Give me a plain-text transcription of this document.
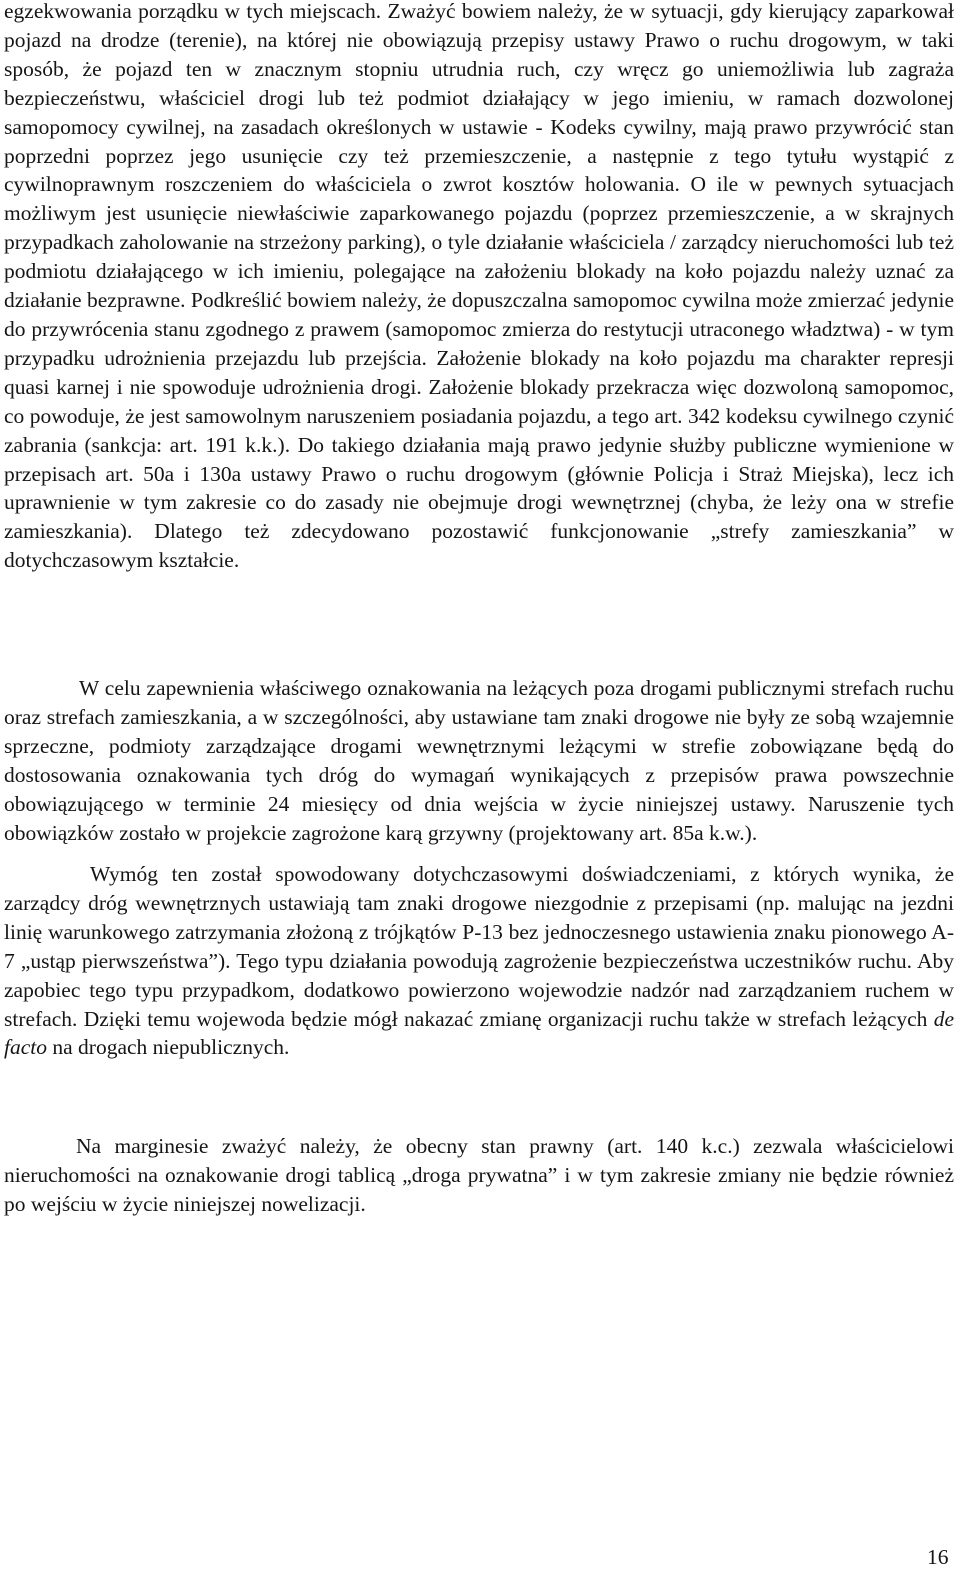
egzekwowania porządku w tych miejscach. Zważyć bowiem należy, że w sytuacji, gdy kierujący zaparkował pojazd na drodze (terenie), na której nie obowiązują przepisy ustawy Prawo o ruchu drogowym, w taki sposób, że pojazd ten w znacznym stopniu utrudnia ruch, czy wręcz go uniemożliwia lub zagraża bezpieczeństwu, właściciel drogi lub też podmiot działający w jego imieniu, w ramach dozwolonej samopomocy cywilnej, na zasadach określonych w ustawie - Kodeks cywilny, mają prawo przywrócić stan poprzedni poprzez jego usunięcie czy też przemieszczenie, a następnie z tego tytułu wystąpić z cywilnoprawnym roszczeniem do właściciela o zwrot kosztów holowania. O ile w pewnych sytuacjach możliwym jest usunięcie niewłaściwie zaparkowanego pojazdu (poprzez przemieszczenie, a w skrajnych przypadkach zaholowanie na strzeżony parking), o tyle działanie właściciela / zarządcy nieruchomości lub też podmiotu działającego w ich imieniu, polegające na założeniu blokady na koło pojazdu należy uznać za działanie bezprawne. Podkreślić bowiem należy, że dopuszczalna samopomoc cywilna może zmierzać jedynie do przywrócenia stanu zgodnego z prawem (samopomoc zmierza do restytucji utraconego władztwa) - w tym przypadku udrożnienia przejazdu lub przejścia. Założenie blokady na koło pojazdu ma charakter represji quasi karnej i nie spowoduje udrożnienia drogi. Założenie blokady przekracza więc dozwoloną samopomoc, co powoduje, że jest samowolnym naruszeniem posiadania pojazdu, a tego art. 342 kodeksu cywilnego czynić zabrania (sankcja: art. 191 k.k.). Do takiego działania mają prawo jedynie służby publiczne wymienione w przepisach art. 50a i 130a ustawy Prawo o ruchu drogowym (głównie Policja i Straż Miejska), lecz ich uprawnienie w tym zakresie co do zasady nie obejmuje drogi wewnętrznej (chyba, że leży ona w strefie zamieszkania). Dlatego też zdecydowano pozostawić funkcjonowanie „strefy zamieszkania” w dotychczasowym kształcie.

W celu zapewnienia właściwego oznakowania na leżących poza drogami publicznymi strefach ruchu oraz strefach zamieszkania, a w szczególności, aby ustawiane tam znaki drogowe nie były ze sobą wzajemnie sprzeczne, podmioty zarządzające drogami wewnętrznymi leżącymi w strefie zobowiązane będą do dostosowania oznakowania tych dróg do wymagań wynikających z przepisów prawa powszechnie obowiązującego w terminie 24 miesięcy od dnia wejścia w życie niniejszej ustawy. Naruszenie tych obowiązków zostało w projekcie zagrożone karą grzywny (projektowany art. 85a k.w.).

Wymóg ten został spowodowany dotychczasowymi doświadczeniami, z których wynika, że zarządcy dróg wewnętrznych ustawiają tam znaki drogowe niezgodnie z przepisami (np. malując na jezdni linię warunkowego zatrzymania złożoną z trójkątów P-13 bez jednoczesnego ustawienia znaku pionowego A-7 „ustąp pierwszeństwa”). Tego typu działania powodują zagrożenie bezpieczeństwa uczestników ruchu. Aby zapobiec tego typu przypadkom, dodatkowo powierzono wojewodzie nadzór nad zarządzaniem ruchem w strefach. Dzięki temu wojewoda będzie mógł nakazać zmianę organizacji ruchu także w strefach leżących de facto na drogach niepublicznych.

Na marginesie zważyć należy, że obecny stan prawny (art. 140 k.c.) zezwala właścicielowi nieruchomości na oznakowanie drogi tablicą „droga prywatna” i w tym zakresie zmiany nie będzie również po wejściu w życie niniejszej nowelizacji.

16
